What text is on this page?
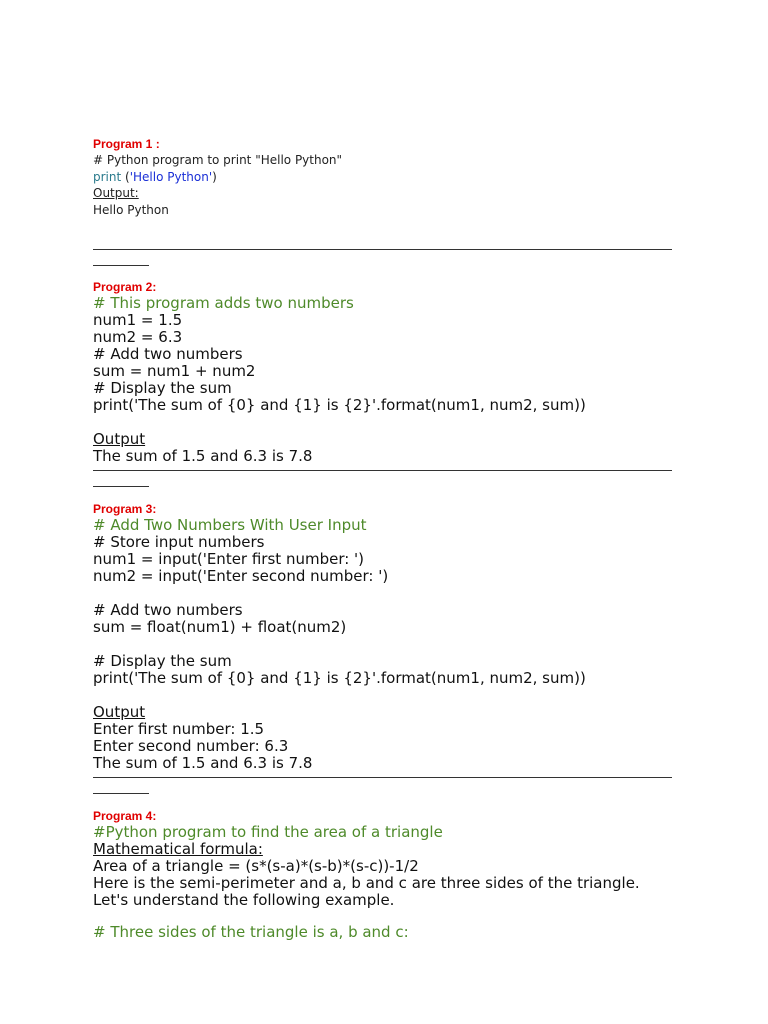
Program 1 :
# Python program to print "Hello Python"
print ('Hello Python')
Output:
Hello Python
Program 2:
# This program adds two numbers
num1 = 1.5
num2 = 6.3
# Add two numbers
sum = num1 + num2
# Display the sum
print('The sum of {0} and {1} is {2}'.format(num1, num2, sum))
Output
The sum of 1.5 and 6.3 is 7.8
Program 3:
# Add Two Numbers With User Input
# Store input numbers
num1 = input('Enter first number: ')
num2 = input('Enter second number: ')
# Add two numbers
sum = float(num1) + float(num2)
# Display the sum
print('The sum of {0} and {1} is {2}'.format(num1, num2, sum))
Output
Enter first number: 1.5
Enter second number: 6.3
The sum of 1.5 and 6.3 is 7.8
Program 4:
#Python program to find the area of a triangle
Mathematical formula:
Area of a triangle = (s*(s-a)*(s-b)*(s-c))-1/2
Here is the semi-perimeter and a, b and c are three sides of the triangle.
Let's understand the following example.
# Three sides of the triangle is a, b and c:
